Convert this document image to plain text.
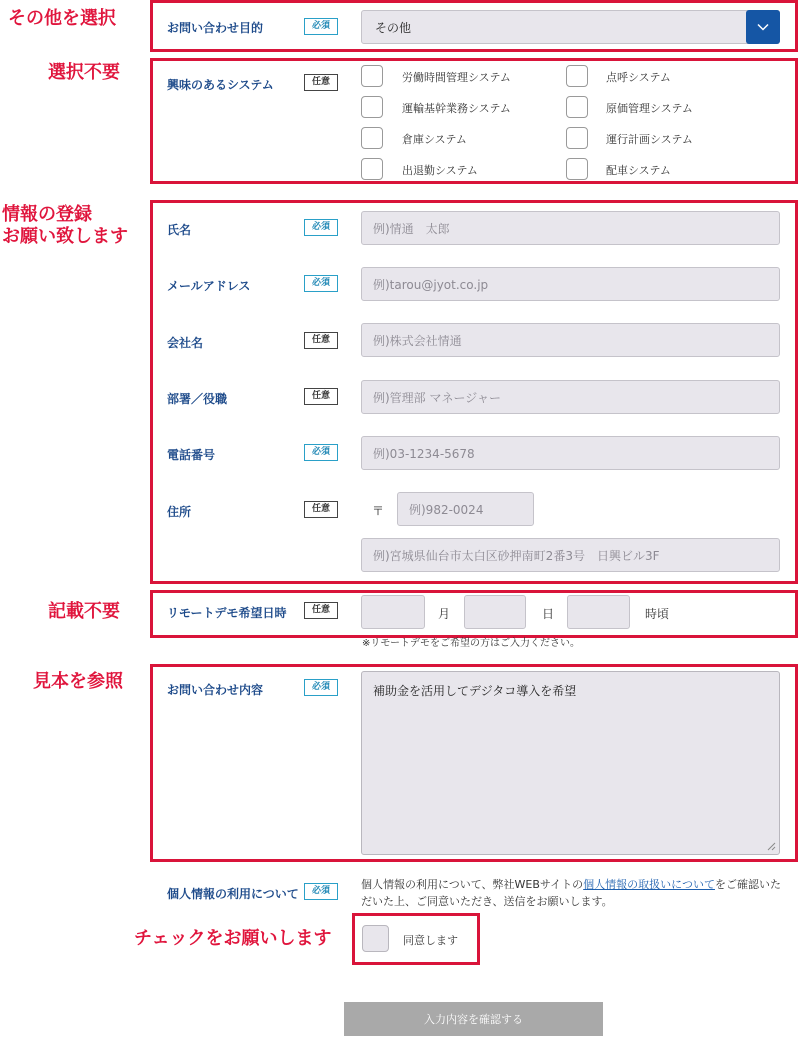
その他を選択
選択不要
情報の登録
お願い致します
記載不要
見本を参照
チェックをお願いします
お問い合わせ目的	必須	その他
興味のあるシステム	任意	労働時間管理システム	点呼システム
運輸基幹業務システム	原価管理システム
倉庫システム	運行計画システム
出退勤システム	配車システム
氏名	必須	例)情通　太郎
メールアドレス	必須	例)tarou@jyot.co.jp
会社名	任意	例)株式会社情通
部署／役職	任意	例)管理部 マネージャー
電話番号	必須	例)03-1234-5678
住所	任意	〒	例)982-0024
例)宮城県仙台市太白区砂押南町2番3号　日興ビル3F
リモートデモ希望日時	任意	月	日	時頃
※リモートデモをご希望の方はご入力ください。
お問い合わせ内容	必須	補助金を活用してデジタコ導入を希望
個人情報の利用について	必須	個人情報の利用について、弊社WEBサイトの個人情報の取扱いについてをご確認いただいた上、ご同意いただき、送信をお願いします。
同意します
入力内容を確認する
